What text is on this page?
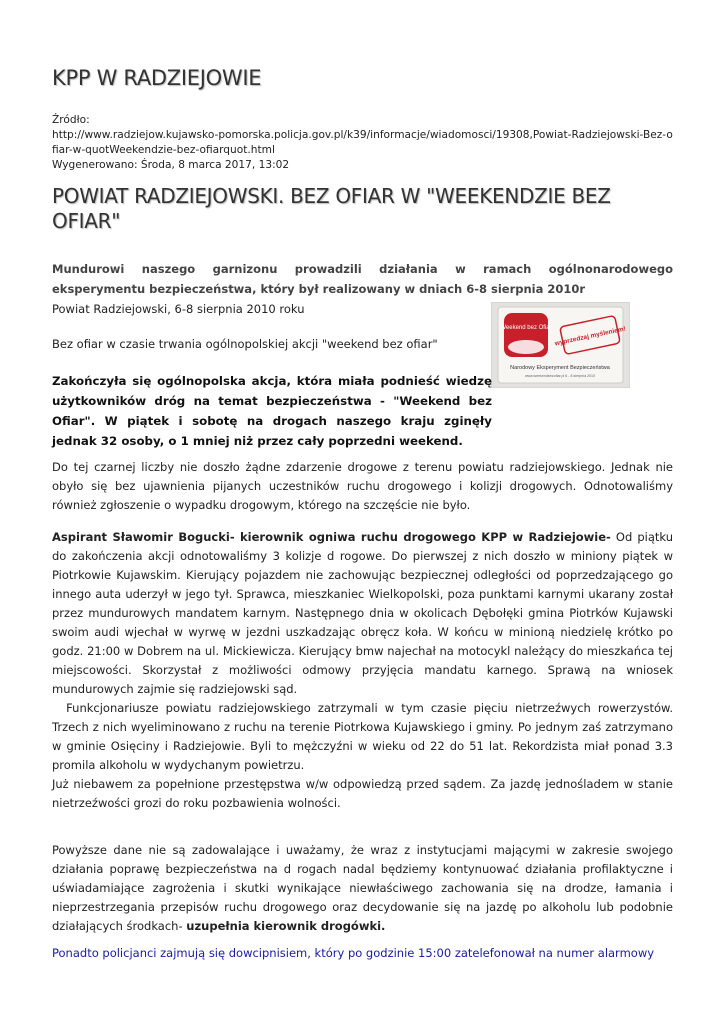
KPP W RADZIEJOWIE
Źródło:
http://www.radziejow.kujawsko-pomorska.policja.gov.pl/k39/informacje/wiadomosci/19308,Powiat-Radziejowski-Bez-ofiar-w-quotWeekendzie-bez-ofiarquot.html
Wygenerowano: Środa, 8 marca 2017, 13:02
POWIAT RADZIEJOWSKI. BEZ OFIAR W "WEEKENDZIE BEZ OFIAR"

Mundurowi naszego garnizonu prowadzili działania w ramach ogólnonarodowego eksperymentu bezpieczeństwa, który był realizowany w dniach 6-8 sierpnia 2010r

Powiat Radziejowski, 6-8 sierpnia 2010 roku

Bez ofiar w czasie trwania ogólnopolskiej akcji "weekend bez ofiar"

Weekend bez Ofiar wyprzedzaj myśleniem!
Narodowy Eksperyment Bezpieczeństwa
www.weekendbezofiar.pl 6 - 8 sierpnia 2010

Zakończyła się ogólnopolska akcja, która miała podnieść wiedzę użytkowników dróg na temat bezpieczeństwa - "Weekend bez Ofiar". W piątek i sobotę na drogach naszego kraju zginęły jednak 32 osoby, o 1 mniej niż przez cały poprzedni weekend.

Do tej czarnej liczby nie doszło żądne zdarzenie drogowe z terenu powiatu radziejowskiego. Jednak nie obyło się bez ujawnienia pijanych uczestników ruchu drogowego i kolizji drogowych. Odnotowaliśmy również zgłoszenie o wypadku drogowym, którego na szczęście nie było.

Aspirant Sławomir Bogucki- kierownik ogniwa ruchu drogowego KPP w Radziejowie- Od piątku do zakończenia akcji odnotowaliśmy 3 kolizje d rogowe. Do pierwszej z nich doszło w miniony piątek w Piotrkowie Kujawskim. Kierujący pojazdem nie zachowując bezpiecznej odległości od poprzedzającego go innego auta uderzył w jego tył. Sprawca, mieszkaniec Wielkopolski, poza punktami karnymi ukarany został przez mundurowych mandatem karnym. Następnego dnia w okolicach Dębołęki gmina Piotrków Kujawski swoim audi wjechał w wyrwę w jezdni uszkadzając obręcz koła. W końcu w minioną niedzielę krótko po godz. 21:00 w Dobrem na ul. Mickiewicza. Kierujący bmw najechał na motocykl należący do mieszkańca tej miejscowości. Skorzystał z możliwości odmowy przyjęcia mandatu karnego. Sprawą na wniosek mundurowych zajmie się radziejowski sąd.

Funkcjonariusze powiatu radziejowskiego zatrzymali w tym czasie pięciu nietrzeźwych rowerzystów. Trzech z nich wyeliminowano z ruchu na terenie Piotrkowa Kujawskiego i gminy. Po jednym zaś zatrzymano w gminie Osięciny i Radziejowie. Byli to mężczyźni w wieku od 22 do 51 lat. Rekordzista miał ponad 3.3 promila alkoholu w wydychanym powietrzu.
Już niebawem za popełnione przestępstwa w/w odpowiedzą przed sądem. Za jazdę jednośladem w stanie nietrzeźwości grozi do roku pozbawienia wolności.

Powyższe dane nie są zadowalające i uważamy, że wraz z instytucjami mającymi w zakresie swojego działania poprawę bezpieczeństwa na d rogach nadal będziemy kontynuować działania profilaktyczne i uświadamiające zagrożenia i skutki wynikające niewłaściwego zachowania się na drodze, łamania i nieprzestrzegania przepisów ruchu drogowego oraz decydowanie się na jazdę po alkoholu lub podobnie działających środkach- uzupełnia kierownik drogówki.

Ponadto policjanci zajmują się dowcipnisiem, który po godzinie 15:00 zatelefonował na numer alarmowy
